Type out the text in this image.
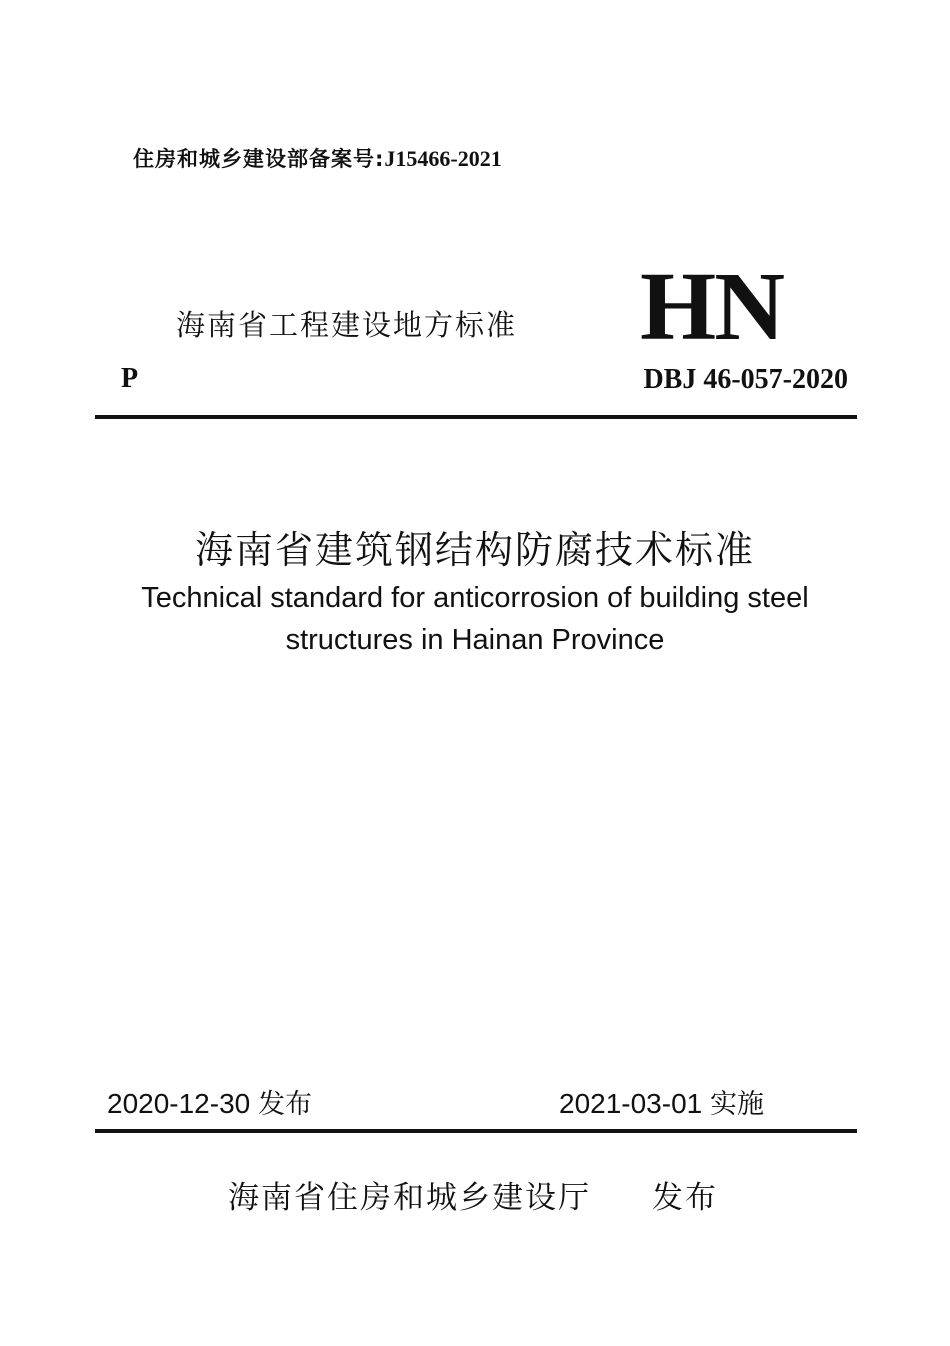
住房和城乡建设部备案号:J15466-2021
海南省工程建设地方标准 HN
P	DBJ 46-057-2020
海南省建筑钢结构防腐技术标准
Technical standard for anticorrosion of building steel
structures in Hainan Province
2020-12-30 发布	2021-03-01 实施
海南省住房和城乡建设厅 发布
